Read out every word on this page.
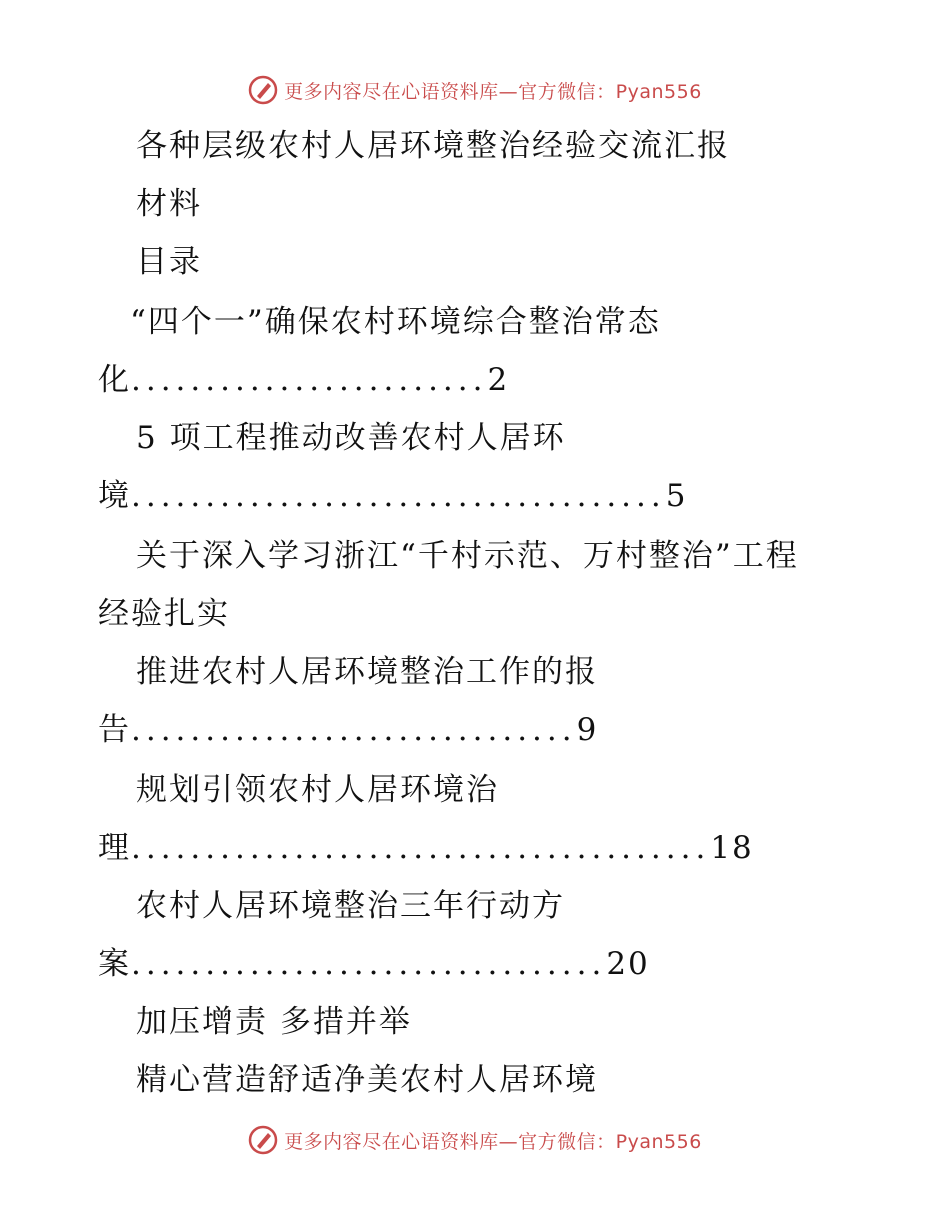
更多内容尽在心语资料库—官方微信：Pyan556
各种层级农村人居环境整治经验交流汇报
材料
目录
“四个一”确保农村环境综合整治常态
化........................2
5 项工程推动改善农村人居环
境....................................5
关于深入学习浙江“千村示范、万村整治”工程
经验扎实
推进农村人居环境整治工作的报
告..............................9
规划引领农村人居环境治
理.......................................18
农村人居环境整治三年行动方
案................................20
加压增责 多措并举
精心营造舒适净美农村人居环境
更多内容尽在心语资料库—官方微信：Pyan556
